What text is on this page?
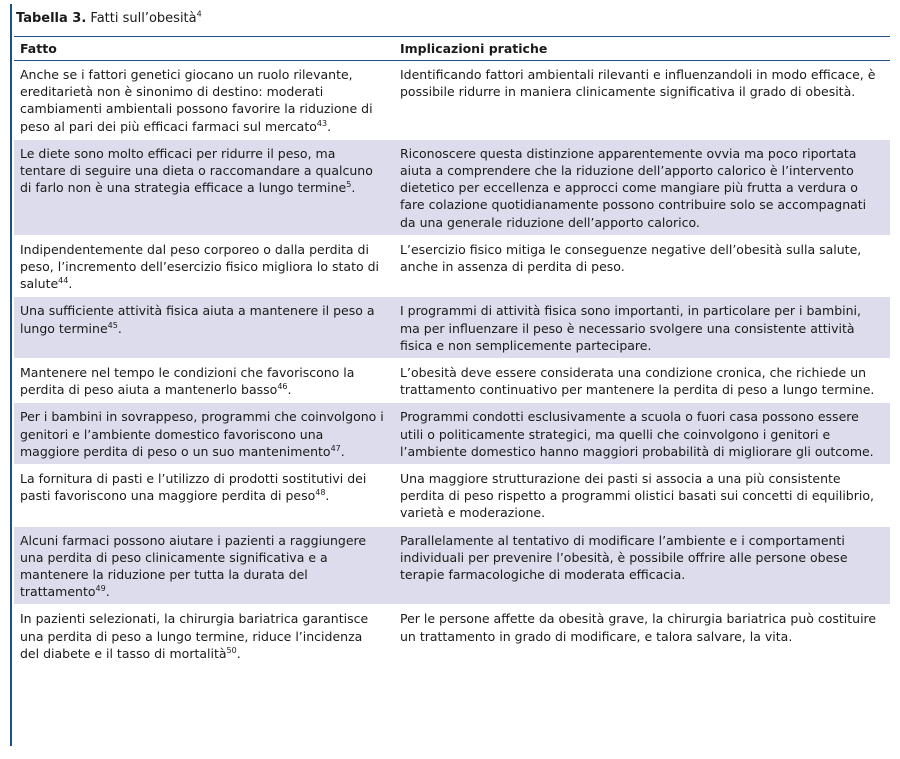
Tabella 3. Fatti sull’obesità$^4$
Fatto	Implicazioni pratiche
Anche se i fattori genetici giocano un ruolo rilevante, ereditarietà non è sinonimo di destino: moderati cambiamenti ambientali possono favorire la riduzione di peso al pari dei più efficaci farmaci sul mercato$^{43}$.
Identificando fattori ambientali rilevanti e influenzandoli in modo efficace, è possibile ridurre in maniera clinicamente significativa il grado di obesità.
Le diete sono molto efficaci per ridurre il peso, ma tentare di seguire una dieta o raccomandare a qualcuno di farlo non è una strategia efficace a lungo termine$^5$.
Riconoscere questa distinzione apparentemente ovvia ma poco riportata aiuta a comprendere che la riduzione dell’apporto calorico è l’intervento dietetico per eccellenza e approcci come mangiare più frutta a verdura o fare colazione quotidianamente possono contribuire solo se accompagnati da una generale riduzione dell’apporto calorico.
Indipendentemente dal peso corporeo o dalla perdita di peso, l’incremento dell’esercizio fisico migliora lo stato di salute$^{44}$.
L’esercizio fisico mitiga le conseguenze negative dell’obesità sulla salute, anche in assenza di perdita di peso.
Una sufficiente attività fisica aiuta a mantenere il peso a lungo termine$^{45}$.
I programmi di attività fisica sono importanti, in particolare per i bambini, ma per influenzare il peso è necessario svolgere una consistente attività fisica e non semplicemente partecipare.
Mantenere nel tempo le condizioni che favoriscono la perdita di peso aiuta a mantenerlo basso$^{46}$.
L’obesità deve essere considerata una condizione cronica, che richiede un trattamento continuativo per mantenere la perdita di peso a lungo termine.
Per i bambini in sovrappeso, programmi che coinvolgono i genitori e l’ambiente domestico favoriscono una maggiore perdita di peso o un suo mantenimento$^{47}$.
Programmi condotti esclusivamente a scuola o fuori casa possono essere utili o politicamente strategici, ma quelli che coinvolgono i genitori e l’ambiente domestico hanno maggiori probabilità di migliorare gli outcome.
La fornitura di pasti e l’utilizzo di prodotti sostitutivi dei pasti favoriscono una maggiore perdita di peso$^{48}$.
Una maggiore strutturazione dei pasti si associa a una più consistente perdita di peso rispetto a programmi olistici basati sui concetti di equilibrio, varietà e moderazione.
Alcuni farmaci possono aiutare i pazienti a raggiungere una perdita di peso clinicamente significativa e a mantenere la riduzione per tutta la durata del trattamento$^{49}$.
Parallelamente al tentativo di modificare l’ambiente e i comportamenti individuali per prevenire l’obesità, è possibile offrire alle persone obese terapie farmacologiche di moderata efficacia.
In pazienti selezionati, la chirurgia bariatrica garantisce una perdita di peso a lungo termine, riduce l’incidenza del diabete e il tasso di mortalità$^{50}$.
Per le persone affette da obesità grave, la chirurgia bariatrica può costituire un trattamento in grado di modificare, e talora salvare, la vita.
